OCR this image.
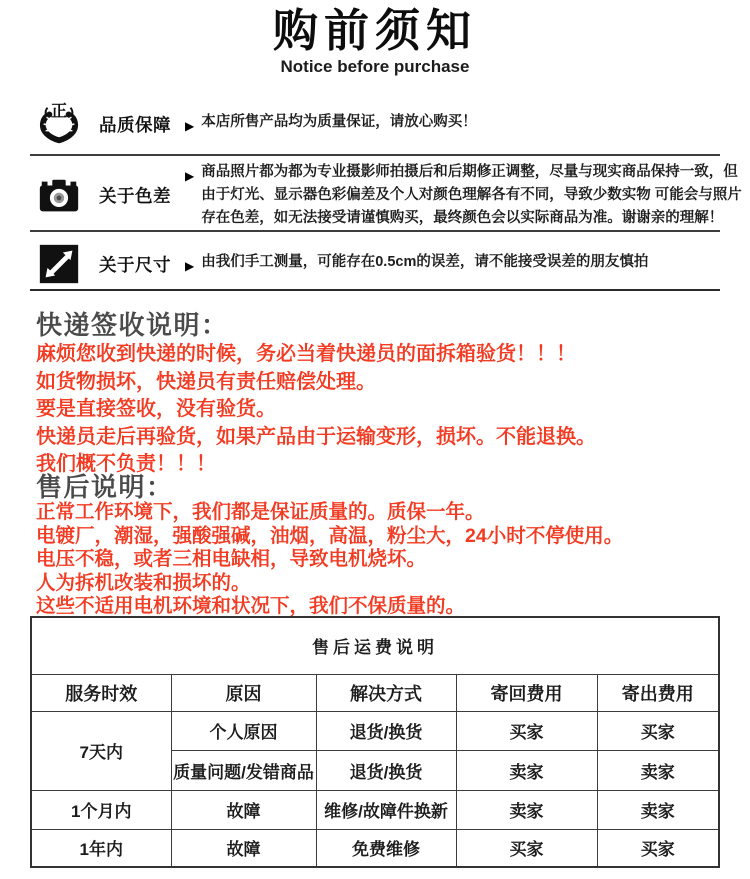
购前须知
Notice before purchase
正
品质保障 ▶ 本店所售产品均为质量保证，请放心购买！
关于色差
▶ 商品照片都为都为专业摄影师拍摄后和后期修正调整，尽量与现实商品保持一致，但由于灯光、显示器色彩偏差及个人对颜色理解各有不同，导致少数实物 可能会与照片存在色差，如无法接受请谨慎购买，最终颜色会以实际商品为准。谢谢亲的理解！
关于尺寸 ▶ 由我们手工测量，可能存在0.5cm的误差，请不能接受误差的朋友慎拍
快递签收说明：
麻烦您收到快递的时候，务必当着快递员的面拆箱验货！！！
如货物损坏，快递员有责任赔偿处理。
要是直接签收，没有验货。
快递员走后再验货，如果产品由于运输变形，损坏。不能退换。
我们概不负责！！！
售后说明：
正常工作环境下，我们都是保证质量的。质保一年。
电镀厂，潮湿，强酸强碱，油烟，高温，粉尘大，24小时不停使用。
电压不稳，或者三相电缺相，导致电机烧坏。
人为拆机改装和损坏的。
这些不适用电机环境和状况下，我们不保质量的。
售后运费说明				
服务时效	原因	解决方式	寄回费用	寄出费用
7天内	个人原因	退货/换货	买家	买家
	质量问题/发错商品	退货/换货	卖家	卖家
1个月内	故障	维修/故障件换新	卖家	卖家
1年内	故障	免费维修	买家	买家
